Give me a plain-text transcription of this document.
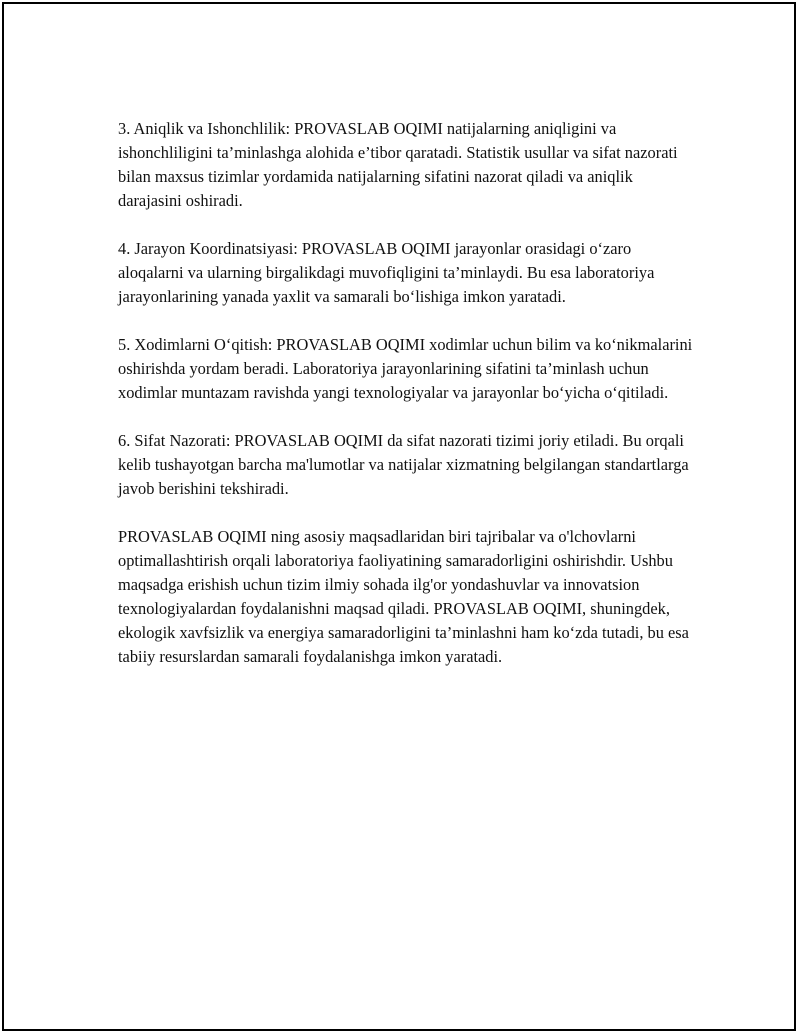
3. Aniqlik va Ishonchlilik: PROVASLAB OQIMI natijalarning aniqligini va ishonchliligini ta’minlashga alohida e’tibor qaratadi. Statistik usullar va sifat nazorati bilan maxsus tizimlar yordamida natijalarning sifatini nazorat qiladi va aniqlik darajasini oshiradi.

4. Jarayon Koordinatsiyasi: PROVASLAB OQIMI jarayonlar orasidagi o‘zaro aloqalarni va ularning birgalikdagi muvofiqligini ta’minlaydi. Bu esa laboratoriya jarayonlarining yanada yaxlit va samarali bo‘lishiga imkon yaratadi.

5. Xodimlarni O‘qitish: PROVASLAB OQIMI xodimlar uchun bilim va ko‘nikmalarini oshirishda yordam beradi. Laboratoriya jarayonlarining sifatini ta’minlash uchun xodimlar muntazam ravishda yangi texnologiyalar va jarayonlar bo‘yicha o‘qitiladi.

6. Sifat Nazorati: PROVASLAB OQIMI da sifat nazorati tizimi joriy etiladi. Bu orqali kelib tushayotgan barcha ma'lumotlar va natijalar xizmatning belgilangan standartlarga javob berishini tekshiradi.

PROVASLAB OQIMI ning asosiy maqsadlaridan biri tajribalar va o'lchovlarni optimallashtirish orqali laboratoriya faoliyatining samaradorligini oshirishdir. Ushbu maqsadga erishish uchun tizim ilmiy sohada ilg'or yondashuvlar va innovatsion texnologiyalardan foydalanishni maqsad qiladi. PROVASLAB OQIMI, shuningdek, ekologik xavfsizlik va energiya samaradorligini ta’minlashni ham ko‘zda tutadi, bu esa tabiiy resurslardan samarali foydalanishga imkon yaratadi.
